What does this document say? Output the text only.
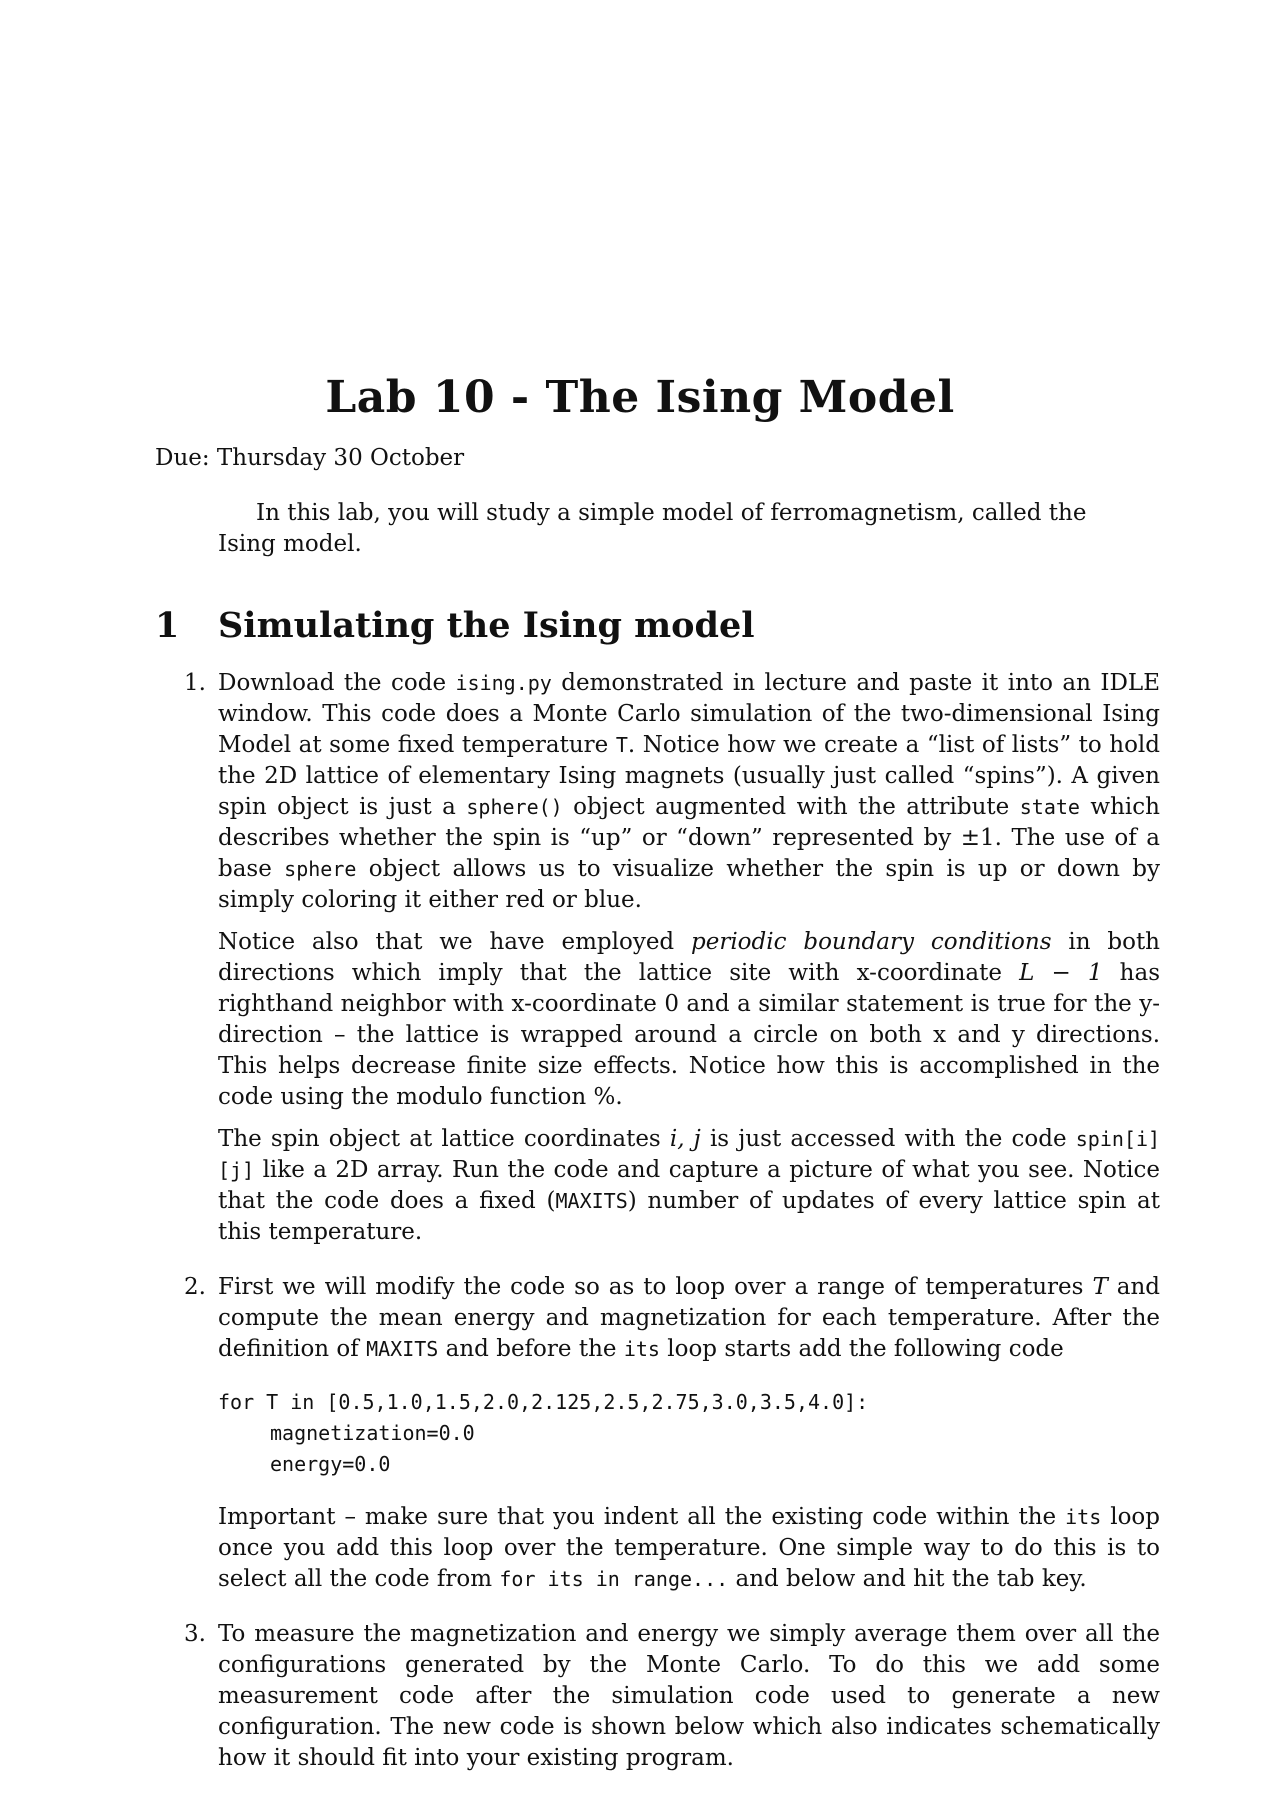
Lab 10 - The Ising Model
Due: Thursday 30 October
In this lab, you will study a simple model of ferromagnetism, called the Ising model.
1 Simulating the Ising model
1. Download the code ising.py demonstrated in lecture and paste it into an IDLE window. This code does a Monte Carlo simulation of the two-dimensional Ising Model at some fixed temperature T. Notice how we create a “list of lists” to hold the 2D lattice of elementary Ising magnets (usually just called “spins”). A given spin object is just a sphere() object augmented with the attribute state which describes whether the spin is “up” or “down” represented by ±1. The use of a base sphere object allows us to visualize whether the spin is up or down by simply coloring it either red or blue.

Notice also that we have employed periodic boundary conditions in both directions which imply that the lattice site with x-coordinate L − 1 has righthand neighbor with x-coordinate 0 and a similar statement is true for the y-direction – the lattice is wrapped around a circle on both x and y directions. This helps decrease finite size effects. Notice how this is accomplished in the code using the modulo function %.

The spin object at lattice coordinates i, j is just accessed with the code spin[i][j] like a 2D array. Run the code and capture a picture of what you see. Notice that the code does a fixed (MAXITS) number of updates of every lattice spin at this temperature.

2. First we will modify the code so as to loop over a range of temperatures T and compute the mean energy and magnetization for each temperature. After the definition of MAXITS and before the its loop starts add the following code

for T in [0.5,1.0,1.5,2.0,2.125,2.5,2.75,3.0,3.5,4.0]:
magnetization=0.0
energy=0.0

Important – make sure that you indent all the existing code within the its loop once you add this loop over the temperature. One simple way to do this is to select all the code from for its in range... and below and hit the tab key.

3. To measure the magnetization and energy we simply average them over all the configurations generated by the Monte Carlo. To do this we add some measurement code after the simulation code used to generate a new configuration. The new code is shown below which also indicates schematically how it should fit into your existing program.
